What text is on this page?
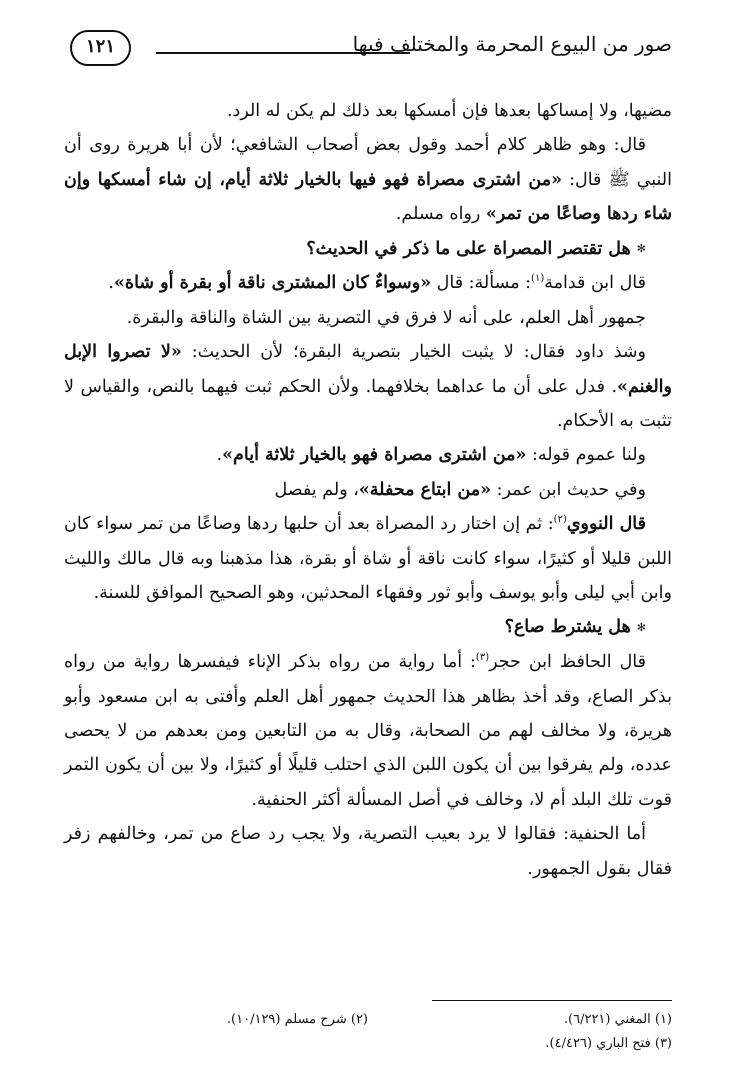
صور من البيوع المحرمة والمختلف فيها
١٢١

مضيها، ولا إمساكها بعدها فإن أمسكها بعد ذلك لم يكن له الرد.

قال: وهو ظاهر كلام أحمد وقول بعض أصحاب الشافعي؛ لأن أبا هريرة روى أن النبي ﷺ قال: «من اشترى مصراة فهو فيها بالخيار ثلاثة أيام، إن شاء أمسكها وإن شاء ردها وصاعًا من تمر» رواه مسلم.

✻هل تقتصر المصراة على ما ذكر في الحديث؟

قال ابن قدامة$^{(١)}$: مسألة: قال «وسواءٌ كان المشترى ناقة أو بقرة أو شاة».

جمهور أهل العلم، على أنه لا فرق في التصرية بين الشاة والناقة والبقرة.

وشذ داود فقال: لا يثبت الخيار بتصرية البقرة؛ لأن الحديث: «لا تصروا الإبل والغنم». فدل على أن ما عداهما بخلافهما. ولأن الحكم ثبت فيهما بالنص، والقياس لا تثبت به الأحكام.

ولنا عموم قوله: «من اشترى مصراة فهو بالخيار ثلاثة أيام».

وفي حديث ابن عمر: «من ابتاع محفلة»، ولم يفصل

قال النووي$^{(٢)}$: ثم إن اختار رد المصراة بعد أن حلبها ردها وصاعًا من تمر سواء كان اللبن قليلا أو كثيرًا، سواء كانت ناقة أو شاة أو بقرة، هذا مذهبنا وبه قال مالك والليث وابن أبي ليلى وأبو يوسف وأبو ثور وفقهاء المحدثين، وهو الصحيح الموافق للسنة.

✻هل يشترط صاع؟

قال الحافظ ابن حجر$^{(٣)}$: أما رواية من رواه بذكر الإناء فيفسرها رواية من رواه بذكر الصاع، وقد أخذ بظاهر هذا الحديث جمهور أهل العلم وأفتى به ابن مسعود وأبو هريرة، ولا مخالف لهم من الصحابة، وقال به من التابعين ومن بعدهم من لا يحصى عدده، ولم يفرقوا بين أن يكون اللبن الذي احتلب قليلًا أو كثيرًا، ولا بين أن يكون التمر قوت تلك البلد أم لا، وخالف في أصل المسألة أكثر الحنفية.

أما الحنفية: فقالوا لا يرد بعيب التصرية، ولا يجب رد صاع من تمر، وخالفهم زفر فقال بقول الجمهور.

(١) المغني (٦/٢٢١).
(٢) شرح مسلم (١٠/١٢٩).
(٣) فتح الباري (٤/٤٢٦).
